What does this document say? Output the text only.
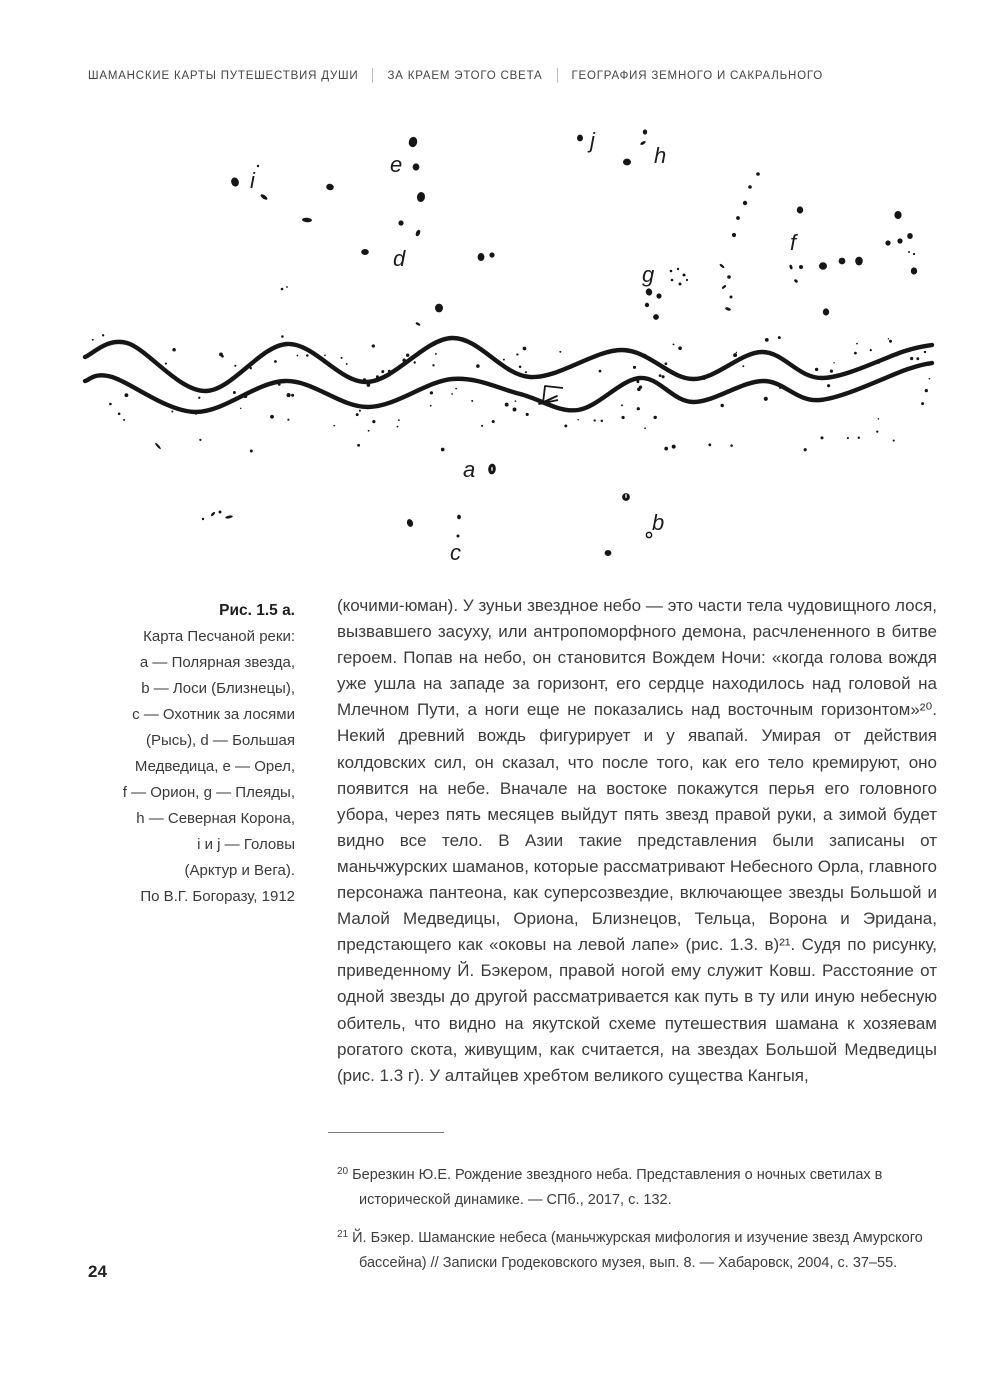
ШАМАНСКИЕ КАРТЫ ПУТЕШЕСТВИЯ ДУШИ	ЗА КРАЕМ ЭТОГО СВЕТА	ГЕОГРАФИЯ ЗЕМНОГО И САКРАЛЬНОГО
i
e
d
j
h
g
f
a
b
c
Рис. 1.5 а.
Карта Песчаной реки:
а — Полярная звезда,
b — Лоси (Близнецы),
с — Охотник за лосями
(Рысь), d — Большая
Медведица, е — Орел,
f — Орион, g — Плеяды,
h — Северная Корона,
i и j — Головы
(Арктур и Вега).
По В.Г. Богоразу, 1912
(кочими-юман). У зуньи звездное небо — это части тела чудовищного лося, вызвавшего засуху, или антропоморфного демона, расчлененного в битве героем. Попав на небо, он становится Вождем Ночи: «когда голова вождя уже ушла на западе за горизонт, его сердце находилось над головой на Млечном Пути, а ноги еще не показались над восточным горизонтом»²⁰. Некий древний вождь фигурирует и у явапай. Умирая от действия колдовских сил, он сказал, что после того, как его тело кремируют, оно появится на небе. Вначале на востоке покажутся перья его головного убора, через пять месяцев выйдут пять звезд правой руки, а зимой будет видно все тело. В Азии такие представления были записаны от маньчжурских шаманов, которые рассматривают Небесного Орла, главного персонажа пантеона, как суперсозвездие, включающее звезды Большой и Малой Медведицы, Ориона, Близнецов, Тельца, Ворона и Эридана, предстающего как «оковы на левой лапе» (рис. 1.3. в)²¹. Судя по рисунку, приведенному Й. Бэкером, правой ногой ему служит Ковш. Расстояние от одной звезды до другой рассматривается как путь в ту или иную небесную обитель, что видно на якутской схеме путешествия шамана к хозяевам рогатого скота, живущим, как считается, на звездах Большой Медведицы (рис. 1.3 г). У алтайцев хребтом великого существа Кангыя,

$^{20}$ Березкин Ю.Е. Рождение звездного неба. Представления о ночных светилах в исторической динамике. — СПб., 2017, с. 132.

$^{21}$ Й. Бэкер. Шаманские небеса (маньчжурская мифология и изучение звезд Амурского бассейна) // Записки Гродековского музея, вып. 8. — Хабаровск, 2004, с. 37–55.

24
